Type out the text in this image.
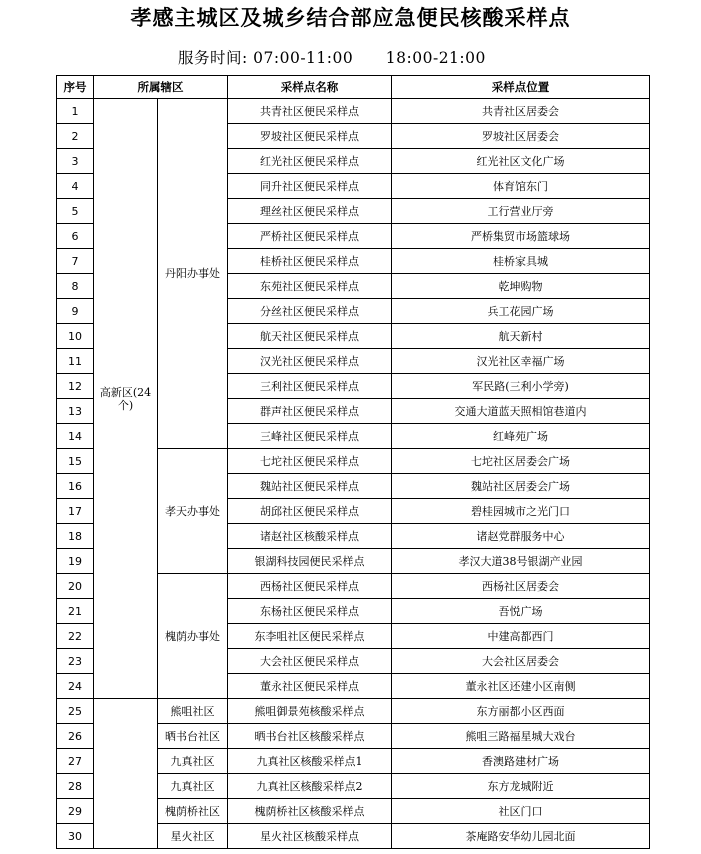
孝感主城区及城乡结合部应急便民核酸采样点
服务时间: 07:00-11:00      18:00-21:00
序号	所属辖区		采样点名称	采样点位置
1	高新区(24个)	丹阳办事处	共青社区便民采样点	共青社区居委会
2			罗坡社区便民采样点	罗坡社区居委会
3			红光社区便民采样点	红光社区文化广场
4			同升社区便民采样点	体育馆东门
5			理丝社区便民采样点	工行营业厅旁
6			严桥社区便民采样点	严桥集贸市场篮球场
7			桂桥社区便民采样点	桂桥家具城
8			东苑社区便民采样点	乾坤购物
9			分丝社区便民采样点	兵工花园广场
10			航天社区便民采样点	航天新村
11			汉光社区便民采样点	汉光社区幸福广场
12			三利社区便民采样点	军民路(三利小学旁)
13			群声社区便民采样点	交通大道蓝天照相馆巷道内
14			三峰社区便民采样点	红峰苑广场
15		孝天办事处	七坨社区便民采样点	七坨社区居委会广场
16			魏站社区便民采样点	魏站社区居委会广场
17			胡邱社区便民采样点	碧桂园城市之光门口
18			诸赵社区核酸采样点	诸赵党群服务中心
19			银湖科技园便民采样点	孝汉大道38号银湖产业园
20		槐荫办事处	西杨社区便民采样点	西杨社区居委会
21			东杨社区便民采样点	吾悦广场
22			东李咀社区便民采样点	中建高都西门
23			大会社区便民采样点	大会社区居委会
24			董永社区便民采样点	董永社区还建小区南侧
25		熊咀社区	熊咀御景苑核酸采样点	东方丽都小区西面
26		晒书台社区	晒书台社区核酸采样点	熊咀三路福星城大戏台
27		九真社区	九真社区核酸采样点1	香澳路建材广场
28		九真社区	九真社区核酸采样点2	东方龙城附近
29		槐荫桥社区	槐荫桥社区核酸采样点	社区门口
30		星火社区	星火社区核酸采样点	茶庵路安华幼儿园北面
